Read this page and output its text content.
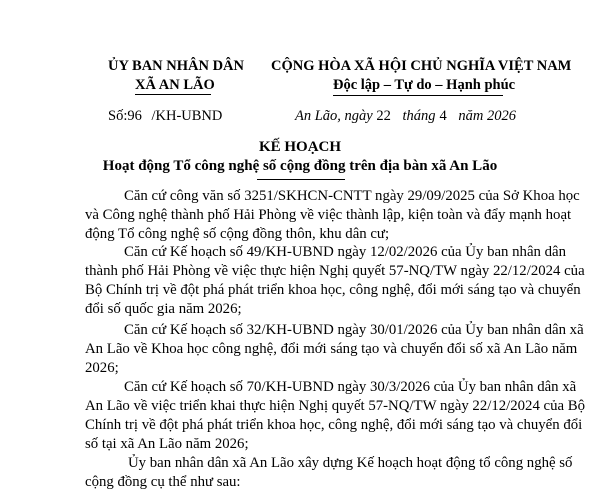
ỦY BAN NHÂN DÂN
XÃ AN LÃO
CỘNG HÒA XÃ HỘI CHỦ NGHĨA VIỆT NAM
Độc lập – Tự do – Hạnh phúc
Số:96 /KH-UBND	An Lão, ngày 22 tháng 4 năm 2026
KẾ HOẠCH
Hoạt động Tổ công nghệ số cộng đồng trên địa bàn xã An Lão
Căn cứ công văn số 3251/SKHCN-CNTT ngày 29/09/2025 của Sở Khoa học
và Công nghệ thành phố Hải Phòng về việc thành lập, kiện toàn và đẩy mạnh hoạt
động Tổ công nghệ số cộng đồng thôn, khu dân cư;
Căn cứ Kế hoạch số 49/KH-UBND ngày 12/02/2026 của Ủy ban nhân dân
thành phố Hải Phòng về việc thực hiện Nghị quyết 57-NQ/TW ngày 22/12/2024 của
Bộ Chính trị về đột phá phát triển khoa học, công nghệ, đổi mới sáng tạo và chuyển
đổi số quốc gia năm 2026;
Căn cứ Kế hoạch số 32/KH-UBND ngày 30/01/2026 của Ủy ban nhân dân xã
An Lão về Khoa học công nghệ, đổi mới sáng tạo và chuyển đổi số xã An Lão năm
2026;
Căn cứ Kế hoạch số 70/KH-UBND ngày 30/3/2026 của Ủy ban nhân dân xã
An Lão về việc triển khai thực hiện Nghị quyết 57-NQ/TW ngày 22/12/2024 của Bộ
Chính trị về đột phá phát triển khoa học, công nghệ, đổi mới sáng tạo và chuyển đổi
số tại xã An Lão năm 2026;
Ủy ban nhân dân xã An Lão xây dựng Kế hoạch hoạt động tổ công nghệ số
cộng đồng cụ thể như sau:
